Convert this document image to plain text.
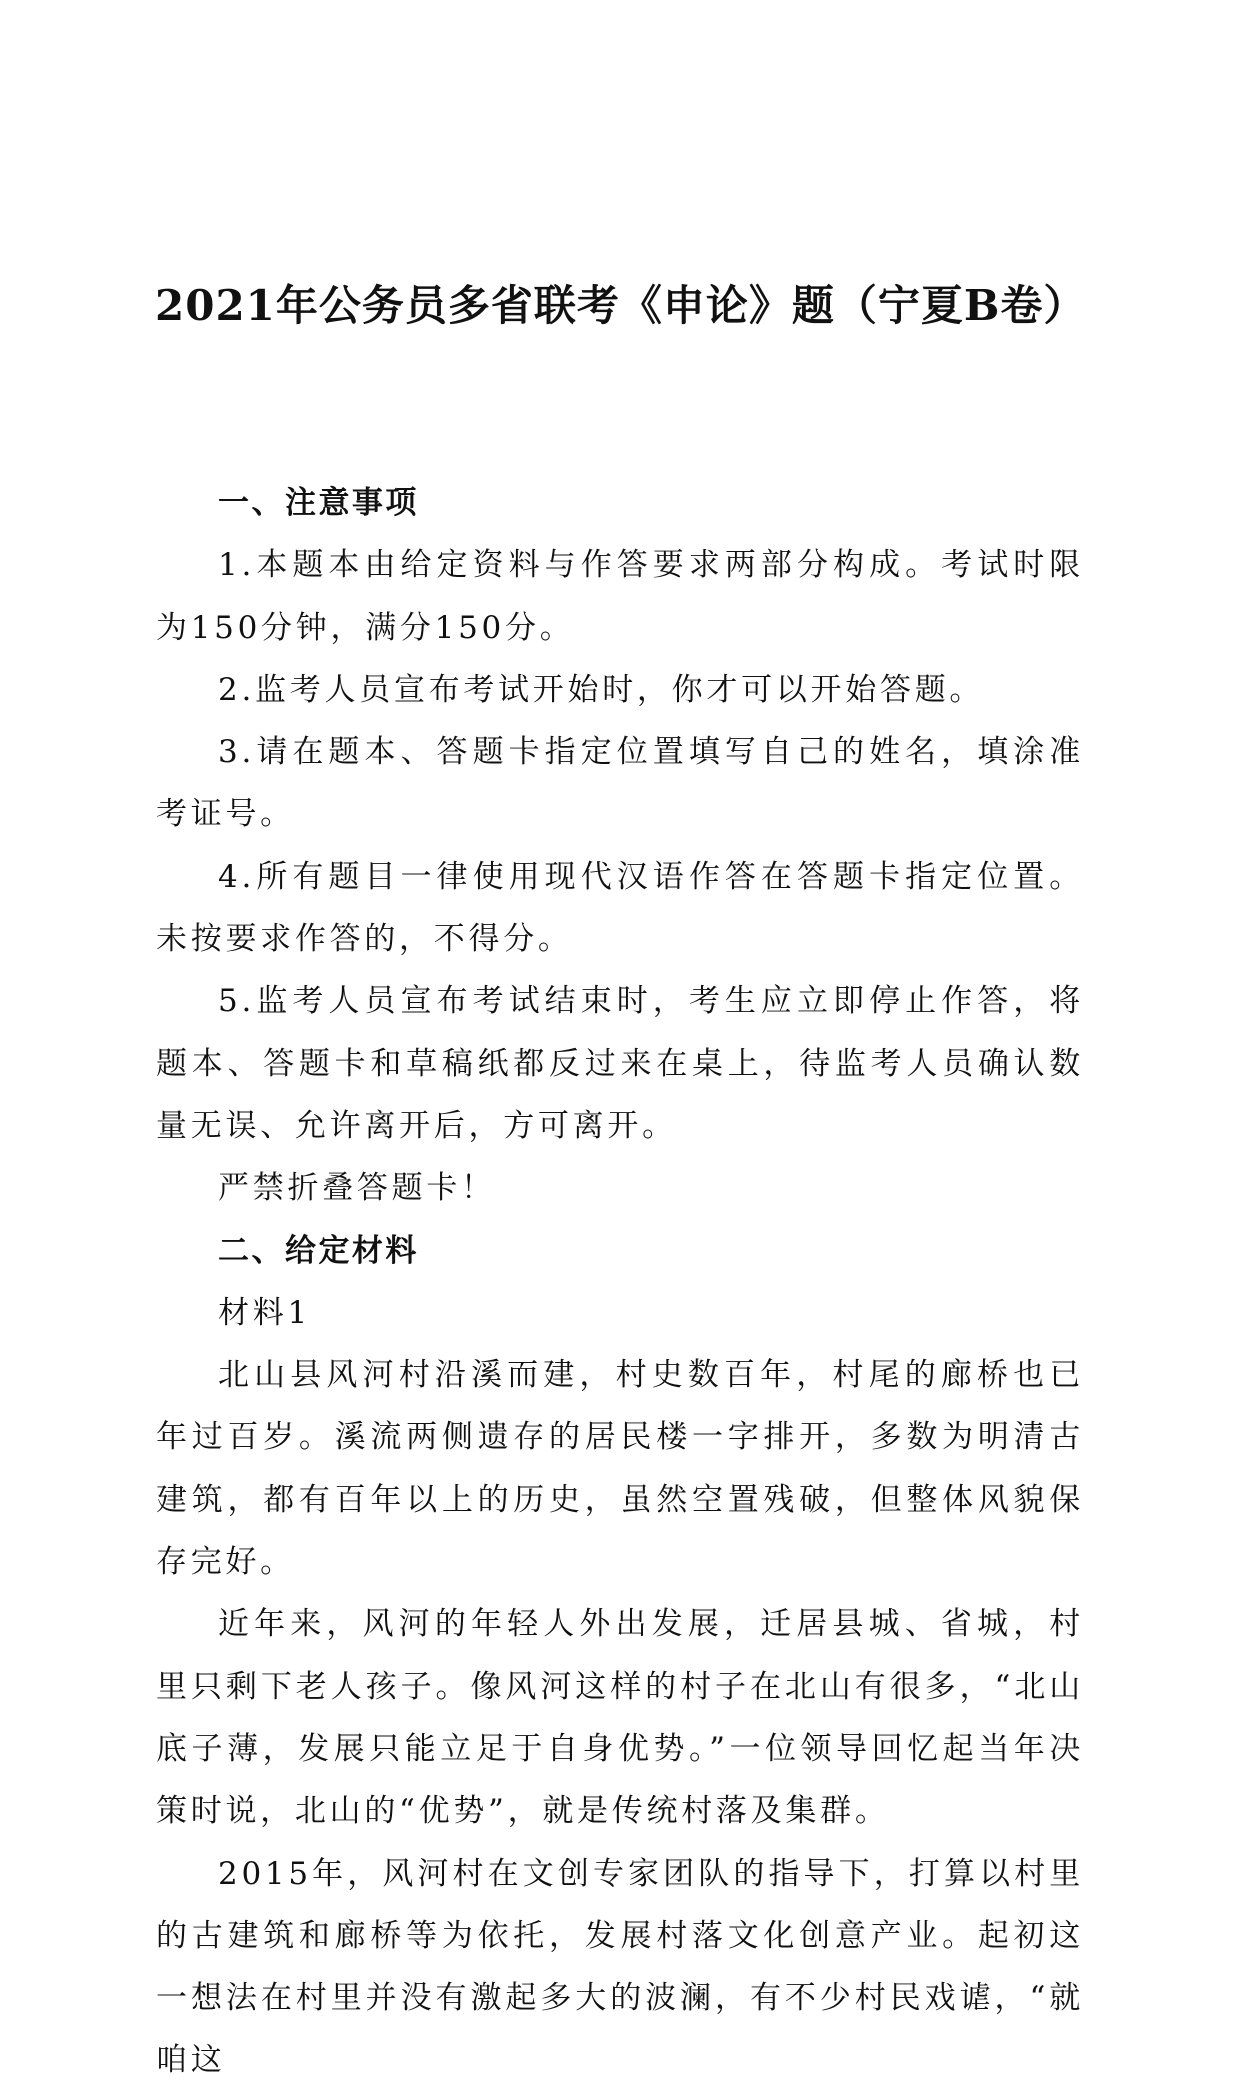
2021年公务员多省联考《申论》题（宁夏B卷）

一、注意事项

1.本题本由给定资料与作答要求两部分构成。考试时限为150分钟，满分150分。

2.监考人员宣布考试开始时，你才可以开始答题。

3.请在题本、答题卡指定位置填写自己的姓名，填涂准考证号。

4.所有题目一律使用现代汉语作答在答题卡指定位置。未按要求作答的，不得分。

5.监考人员宣布考试结束时，考生应立即停止作答，将题本、答题卡和草稿纸都反过来在桌上，待监考人员确认数量无误、允许离开后，方可离开。

严禁折叠答题卡！

二、给定材料

材料1

北山县风河村沿溪而建，村史数百年，村尾的廊桥也已年过百岁。溪流两侧遗存的居民楼一字排开，多数为明清古建筑，都有百年以上的历史，虽然空置残破，但整体风貌保存完好。

近年来，风河的年轻人外出发展，迁居县城、省城，村里只剩下老人孩子。像风河这样的村子在北山有很多，“北山底子薄，发展只能立足于自身优势。”一位领导回忆起当年决策时说，北山的“优势”，就是传统村落及集群。

2015年，风河村在文创专家团队的指导下，打算以村里的古建筑和廊桥等为依托，发展村落文化创意产业。起初这一想法在村里并没有激起多大的波澜，有不少村民戏谑，“就咱这
